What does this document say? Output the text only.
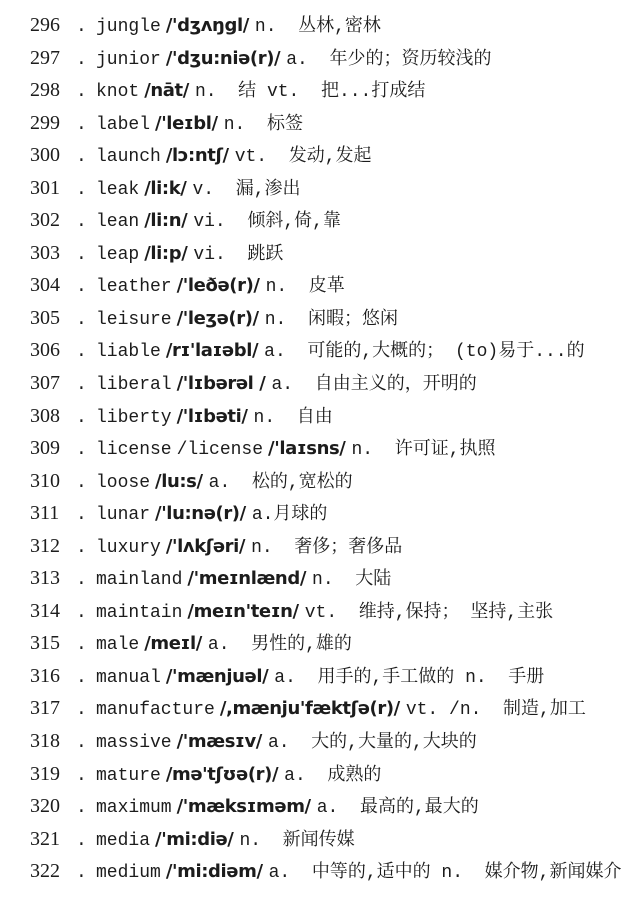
296 . jungle /'dʒʌŋgl/ n.  丛林,密林
297 . junior /'dʒu:niə(r)/ a.  年少的；资历较浅的
298 . knot /nāt/ n.  结 vt.  把...打成结
299 . label /'leɪbl/ n.  标签
300 . launch /lɔ:ntʃ/ vt.  发动,发起
301 . leak /li:k/ v.  漏,渗出
302 . lean /li:n/ vi.  倾斜,倚,靠
303 . leap /li:p/ vi.  跳跃
304 . leather /'leðə(r)/ n.  皮革
305 . leisure /'leʒə(r)/ n.  闲暇；悠闲
306 . liable /rɪ'laɪəbl/ a.  可能的,大概的； (to)易于...的
307 . liberal /'lɪbərəl / a.  自由主义的，开明的
308 . liberty /'lɪbəti/ n.  自由
309 . license /license /'laɪsns/ n.  许可证,执照
310 . loose /lu:s/ a.  松的,宽松的
311 . lunar /'lu:nə(r)/ a.月球的
312 . luxury /'lʌkʃəri/ n.  奢侈；奢侈品
313 . mainland /'meɪnlænd/ n.  大陆
314 . maintain /meɪn'teɪn/ vt.  维持,保持； 坚持,主张
315 . male /meɪl/ a.  男性的,雄的
316 . manual /'mænjuəl/ a.  用手的,手工做的 n.  手册
317 . manufacture /,mænju'fæktʃə(r)/ vt. /n.  制造,加工
318 . massive /'mæsɪv/ a.  大的,大量的,大块的
319 . mature /mə'tʃʊə(r)/ a.  成熟的
320 . maximum /'mæksɪməm/ a.  最高的,最大的
321 . media /'mi:diə/ n.  新闻传媒
322 . medium /'mi:diəm/ a.  中等的,适中的 n.  媒介物,新闻媒介
